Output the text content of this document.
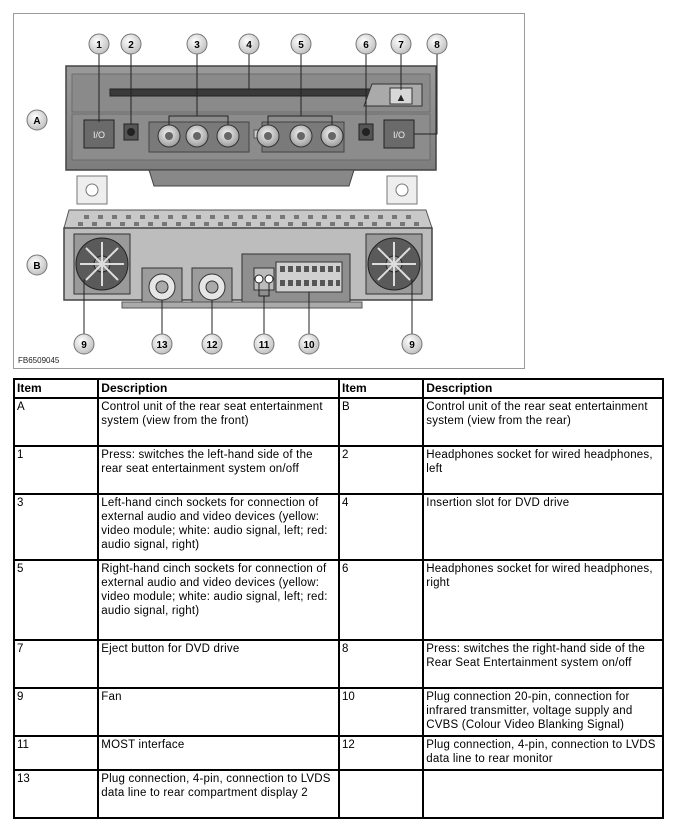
▲
I/O	I/O
A
B
1	2	3	4	5	6	7	8
9	13	12	11	10	9
FB6509045
Item	Description	Item	Description
A	Control unit of the rear seat entertainment system (view from the front)	B	Control unit of the rear seat entertainment system (view from the rear)
1	Press: switches the left-hand side of the rear seat entertainment system on/off	2	Headphones socket for wired headphones, left
3	Left-hand cinch sockets for connection of external audio and video devices (yellow: video module; white: audio signal, left; red: audio signal, right)	4	Insertion slot for DVD drive
5	Right-hand cinch sockets for connection of external audio and video devices (yellow: video module; white: audio signal, left; red: audio signal, right)	6	Headphones socket for wired headphones, right
7	Eject button for DVD drive	8	Press: switches the right-hand side of the Rear Seat Entertainment system on/off
9	Fan	10	Plug connection 20-pin, connection for infrared transmitter, voltage supply and CVBS (Colour Video Blanking Signal)
11	MOST interface	12	Plug connection, 4-pin, connection to LVDS data line to rear monitor
13	Plug connection, 4-pin, connection to LVDS data line to rear compartment display 2		
